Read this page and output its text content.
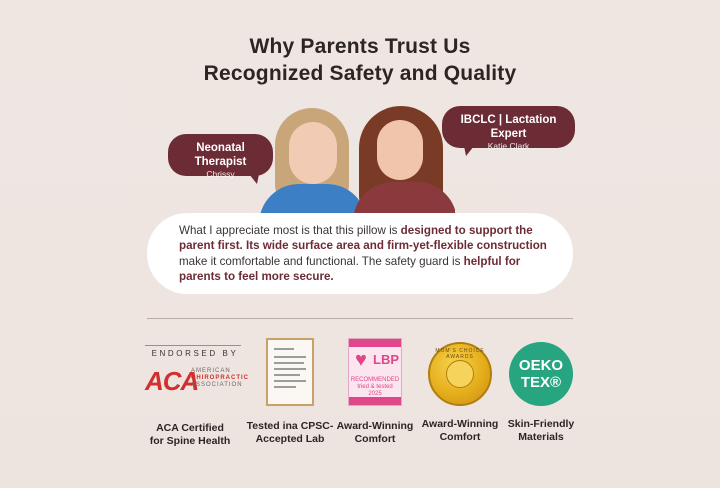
Why Parents Trust Us
Recognized Safety and Quality
Neonatal Therapist
Chrissy
IBCLC | Lactation Expert
Katie Clark
What I appreciate most is that this pillow is designed to support the parent first. Its wide surface area and firm-yet-flexible construction make it comfortable and functional. The safety guard is helpful for parents to feel more secure.
ENDORSED BY
ACA
AMERICAN
CHIROPRACTIC
ASSOCIATION
ACA Certified
for Spine Health
Tested ina CPSC-
Accepted Lab
♥ LBP
RECOMMENDED
tried & tested
2025
Award-Winning
Comfort
MOM'S CHOICE AWARDS
Award-Winning
Comfort
OEKO
TEX®
Skin-Friendly
Materials
